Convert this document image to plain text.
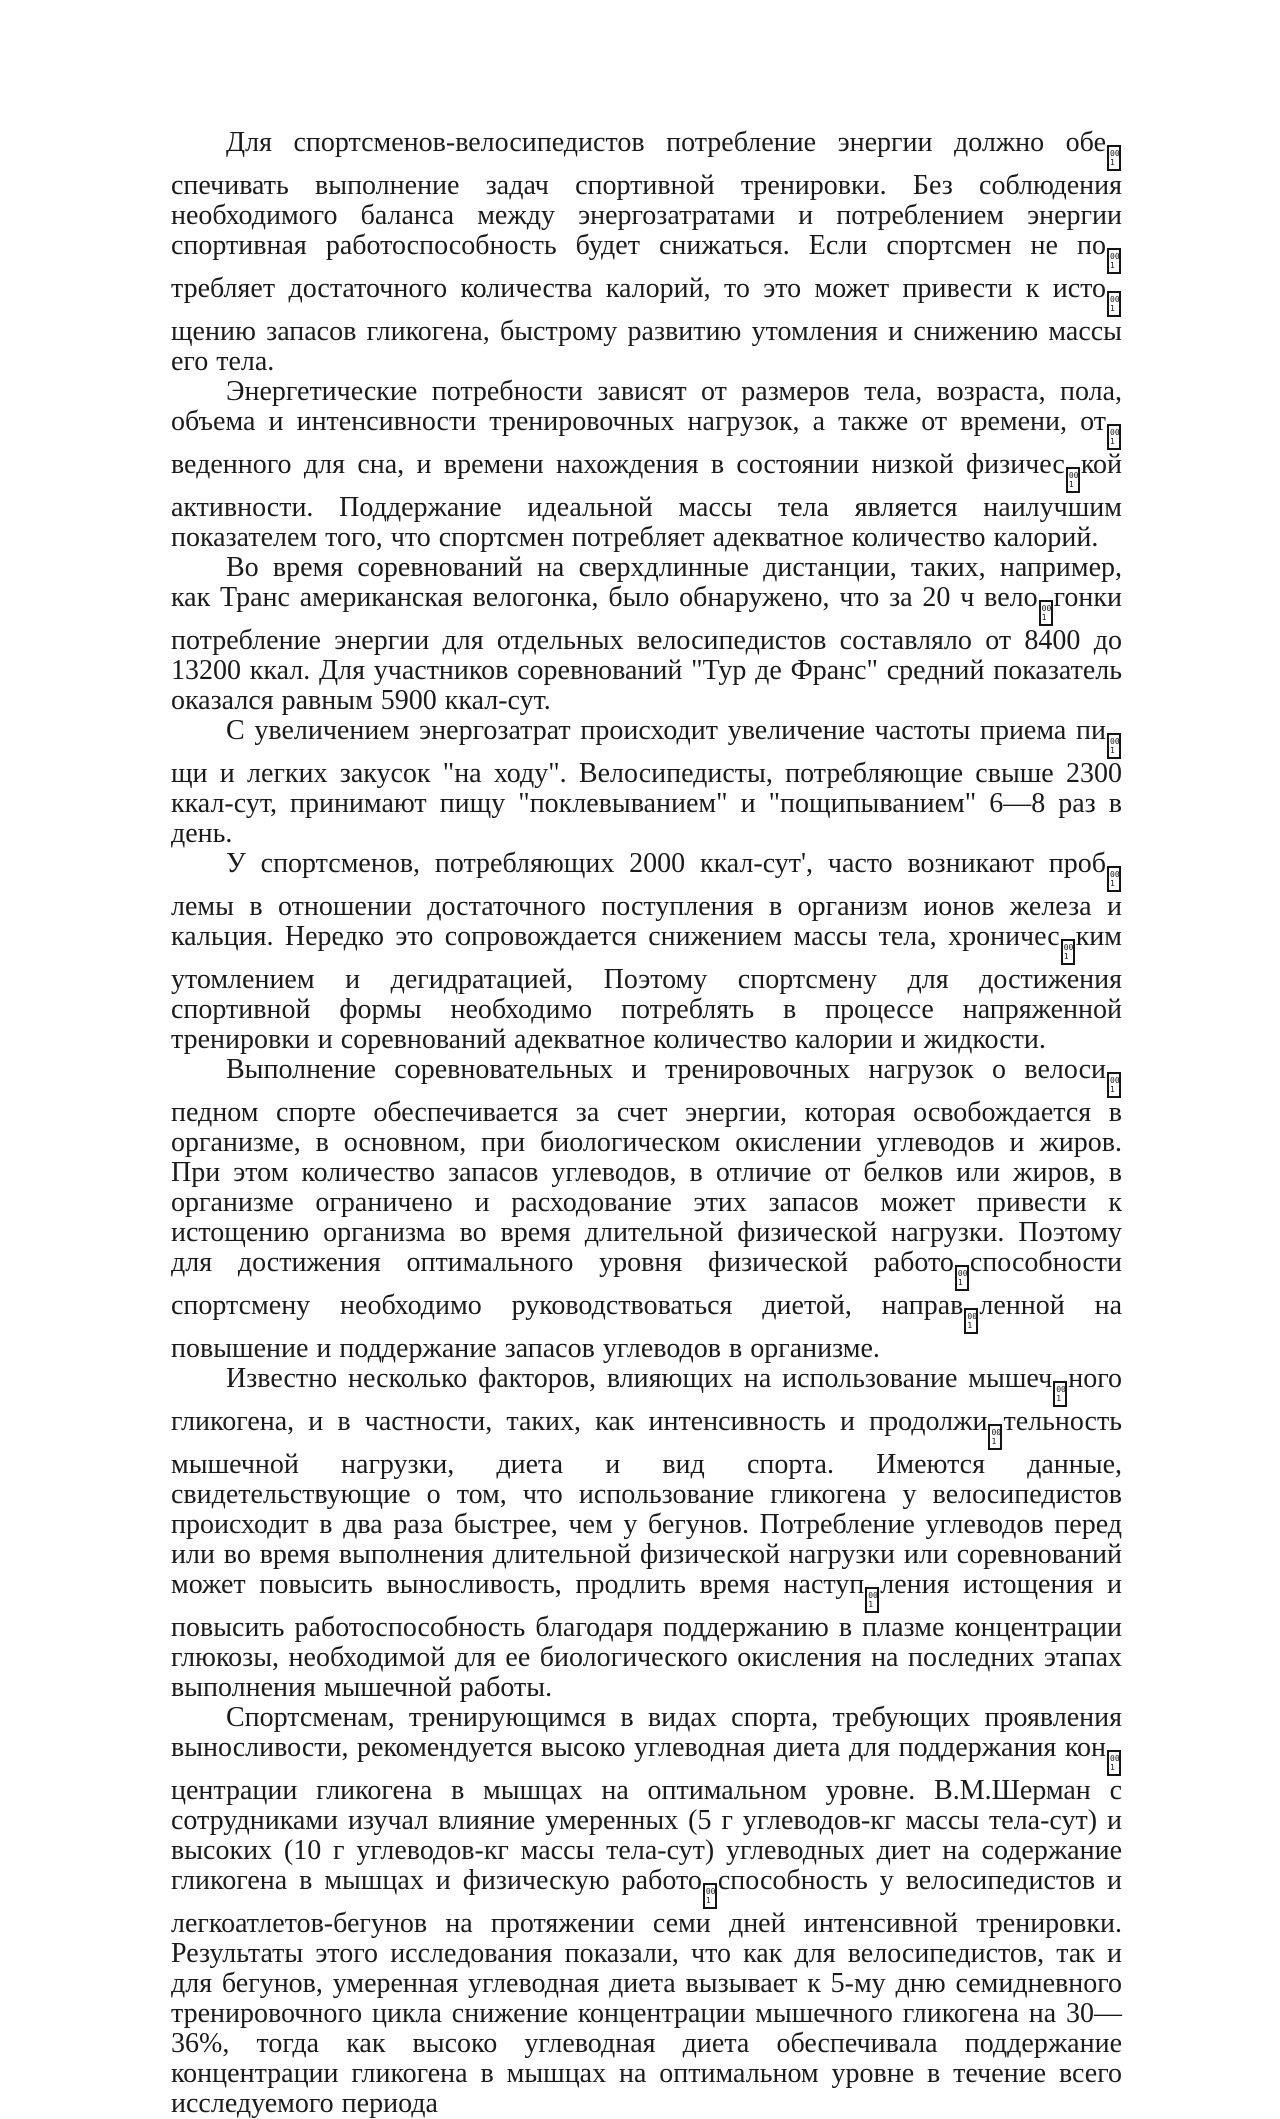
Для спортсменов-велосипедистов потребление энергии должно обе 00
1
спечивать выполнение задач спортивной тренировки. Без соблюдения необходимого баланса между энергозатратами и потреблением энергии спортивная работоспособность будет снижаться. Если спортсмен не по 00
1
требляет достаточного количества калорий, то это может привести к исто 00
1
щению запасов гликогена, быстрому развитию утомления и снижению массы его тела.

Энергетические потребности зависят от размеров тела, возраста, пола, объема и интенсивности тренировочных нагрузок, а также от времени, от 00
1
веденного для сна, и времени нахождения в состоянии низкой физичес 00
1
кой активности. Поддержание идеальной массы тела является наилучшим показателем того, что спортсмен потребляет адекватное количество калорий.

Во время соревнований на сверхдлинные дистанции, таких, например, как Транс американская велогонка, было обнаружено, что за 20 ч вело 00
1
гонки потребление энергии для отдельных велосипедистов составляло от 8400 до 13200 ккал. Для участников соревнований "Тур де Франс" средний показатель оказался равным 5900 ккал-сут.

С увеличением энергозатрат происходит увеличение частоты приема пи 00
1
щи и легких закусок "на ходу". Велосипедисты, потребляющие свыше 2300 ккал-сут, принимают пищу "поклевыванием" и "пощипыванием" 6—8 раз в день.

У спортсменов, потребляющих 2000 ккал-сут', часто возникают проб 00
1
лемы в отношении достаточного поступления в организм ионов железа и кальция. Нередко это сопровождается снижением массы тела, хроничес 00
1
ким утомлением и дегидратацией, Поэтому спортсмену для достижения спортивной формы необходимо потреблять в процессе напряженной тренировки и соревнований адекватное количество калории и жидкости.

Выполнение соревновательных и тренировочных нагрузок о велоси 00
1
педном спорте обеспечивается за счет энергии, которая освобождается в организме, в основном, при биологическом окислении углеводов и жиров. При этом количество запасов углеводов, в отличие от белков или жиров, в организме ограничено и расходование этих запасов может привести к истощению организма во время длительной физической нагрузки. Поэтому для достижения оптимального уровня физической работо 00
1
способности спортсмену необходимо руководствоваться диетой, направ 00
1
ленной на повышение и поддержание запасов углеводов в организме.

Известно несколько факторов, влияющих на использование мышеч 00
1
ного гликогена, и в частности, таких, как интенсивность и продолжи 00
1
тельность мышечной нагрузки, диета и вид спорта. Имеются данные, свидетельствующие о том, что использование гликогена у велосипедистов происходит в два раза быстрее, чем у бегунов. Потребление углеводов перед или во время выполнения длительной физической нагрузки или соревнований может повысить выносливость, продлить время наступ 00
1
ления истощения и повысить работоспособность благодаря поддержанию в плазме концентрации глюкозы, необходимой для ее биологического окисления на последних этапах выполнения мышечной работы.

Спортсменам, тренирующимся в видах спорта, требующих проявления выносливости, рекомендуется высоко углеводная диета для поддержания кон 00
1
центрации гликогена в мышцах на оптимальном уровне. В.М.Шерман с сотрудниками изучал влияние умеренных (5 г углеводов-кг массы тела-сут) и высоких (10 г углеводов-кг массы тела-сут) углеводных диет на содержание гликогена в мышцах и физическую работо 00
1
способность у велосипедистов и легкоатлетов-бегунов на протяжении семи дней интенсивной тренировки. Результаты этого исследования показали, что как для велосипедистов, так и для бегунов, умеренная углеводная диета вызывает к 5-му дню семидневного тренировочного цикла снижение концентрации мышечного гликогена на 30—36%, тогда как высоко углеводная диета обеспечивала поддержание концентрации гликогена в мышцах на оптимальном уровне в течение всего исследуемого периода
